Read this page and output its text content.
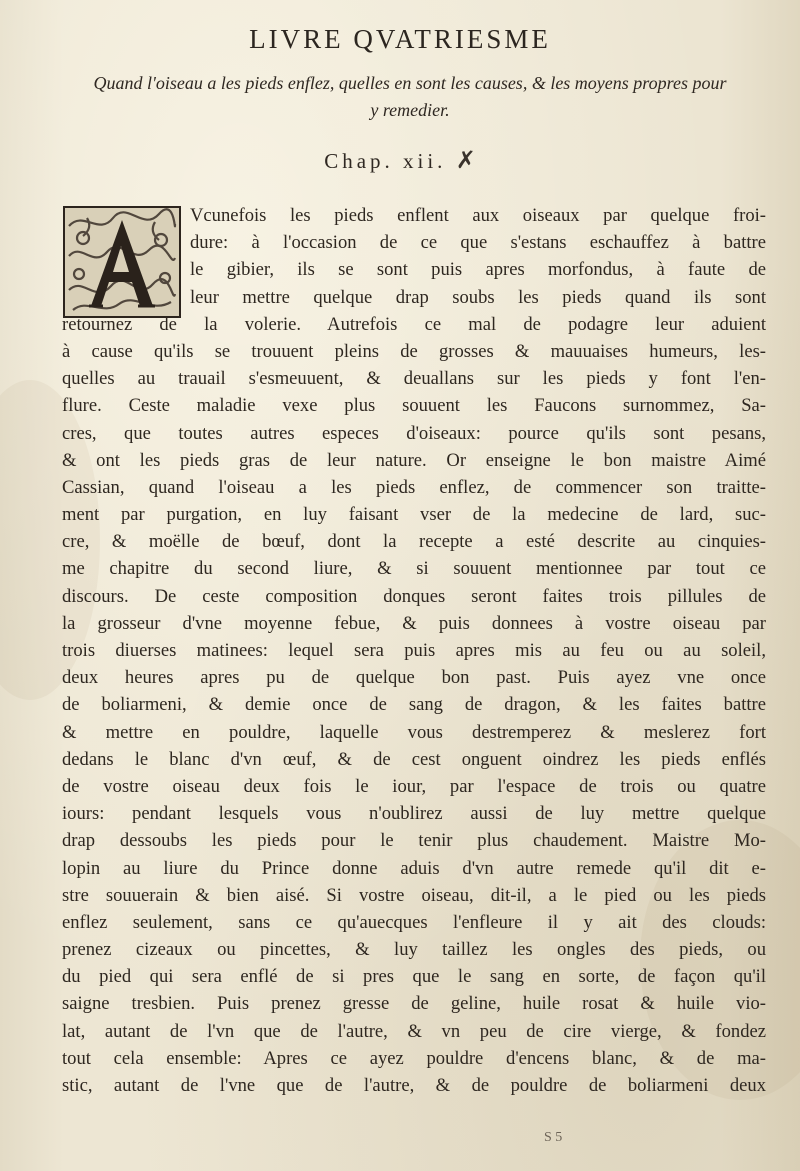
LIVRE QVATRIESME
Quand l'oiseau a les pieds enflez, quelles en sont les causes, & les moyens propres pour y remedier.
Chap. xii. ✗
Vcunefois les pieds enflent aux oiseaux par quelque froi-
dure: à l'occasion de ce que s'estans eschauffez à battre
le gibier, ils se sont puis apres morfondus, à faute de
leur mettre quelque drap soubs les pieds quand ils sont
retournez de la volerie. Autrefois ce mal de podagre leur aduient
à cause qu'ils se trouuent pleins de grosses & mauuaises humeurs, les-
quelles au trauail s'esmeuuent, & deuallans sur les pieds y font l'en-
flure. Ceste maladie vexe plus souuent les Faucons surnommez, Sa-
cres, que toutes autres especes d'oiseaux: pource qu'ils sont pesans,
& ont les pieds gras de leur nature. Or enseigne le bon maistre Aimé
Cassian, quand l'oiseau a les pieds enflez, de commencer son traitte-
ment par purgation, en luy faisant vser de la medecine de lard, suc-
cre, & moëlle de bœuf, dont la recepte a esté descrite au cinquies-
me chapitre du second liure, & si souuent mentionnee par tout ce
discours. De ceste composition donques seront faites trois pillules de
la grosseur d'vne moyenne febue, & puis donnees à vostre oiseau par
trois diuerses matinees: lequel sera puis apres mis au feu ou au soleil,
deux heures apres pu de quelque bon past. Puis ayez vne once
de boliarmeni, & demie once de sang de dragon, & les faites battre
& mettre en pouldre, laquelle vous destremperez & meslerez fort
dedans le blanc d'vn œuf, & de cest onguent oindrez les pieds enflés
de vostre oiseau deux fois le iour, par l'espace de trois ou quatre
iours: pendant lesquels vous n'oublirez aussi de luy mettre quelque
drap dessoubs les pieds pour le tenir plus chaudement. Maistre Mo-
lopin au liure du Prince donne aduis d'vn autre remede qu'il dit e-
stre souuerain & bien aisé. Si vostre oiseau, dit-il, a le pied ou les pieds
enflez seulement, sans ce qu'auecques l'enfleure il y ait des clouds:
prenez cizeaux ou pincettes, & luy taillez les ongles des pieds, ou
du pied qui sera enflé de si pres que le sang en sorte, de façon qu'il
saigne tresbien. Puis prenez gresse de geline, huile rosat & huile vio-
lat, autant de l'vn que de l'autre, & vn peu de cire vierge, & fondez
tout cela ensemble: Apres ce ayez pouldre d'encens blanc, & de ma-
stic, autant de l'vne que de l'autre, & de pouldre de boliarmeni deux
S 5
